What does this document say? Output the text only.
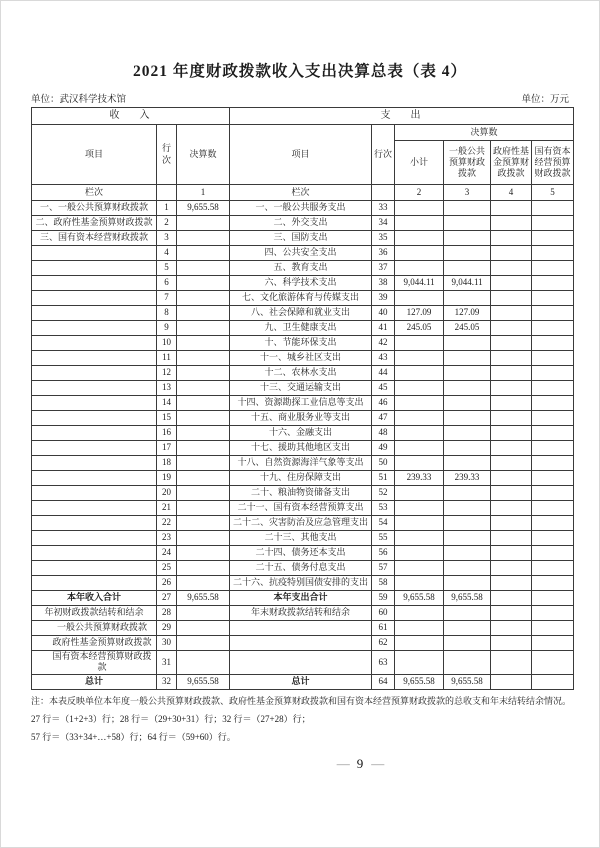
2021 年度财政拨款收入支出决算总表（表 4）
单位：武汉科学技术馆	单位：万元
收    入			支    出					
项目	行次	决算数	项目	行次	决算数			
					小计	一般公共预算财政拨款	政府性基金预算财政拨款	国有资本经营预算财政拨款
栏次		1	栏次		2	3	4	5
一、一般公共预算财政拨款	1	9,655.58	一、一般公共服务支出	33				
二、政府性基金预算财政拨款	2		二、外交支出	34				
三、国有资本经营财政拨款	3		三、国防支出	35				
	4		四、公共安全支出	36				
	5		五、教育支出	37				
	6		六、科学技术支出	38	9,044.11	9,044.11		
	7		七、文化旅游体育与传媒支出	39				
	8		八、社会保障和就业支出	40	127.09	127.09		
	9		九、卫生健康支出	41	245.05	245.05		
	10		十、节能环保支出	42				
	11		十一、城乡社区支出	43				
	12		十二、农林水支出	44				
	13		十三、交通运输支出	45				
	14		十四、资源勘探工业信息等支出	46				
	15		十五、商业服务业等支出	47				
	16		十六、金融支出	48				
	17		十七、援助其他地区支出	49				
	18		十八、自然资源海洋气象等支出	50				
	19		十九、住房保障支出	51	239.33	239.33		
	20		二十、粮油物资储备支出	52				
	21		二十一、国有资本经营预算支出	53				
	22		二十二、灾害防治及应急管理支出	54				
	23		二十三、其他支出	55				
	24		二十四、债务还本支出	56				
	25		二十五、债务付息支出	57				
	26		二十六、抗疫特别国债安排的支出	58				
本年收入合计	27	9,655.58	本年支出合计	59	9,655.58	9,655.58		
年初财政拨款结转和结余	28		年末财政拨款结转和结余	60				
一般公共预算财政拨款	29			61				
政府性基金预算财政拨款	30			62				
国有资本经营预算财政拨款	31			63				
总计	32	9,655.58	总计	64	9,655.58	9,655.58		
注：本表反映单位本年度一般公共预算财政拨款、政府性基金预算财政拨款和国有资本经营预算财政拨款的总收支和年末结转结余情况。
27 行＝（1+2+3）行；28 行＝（29+30+31）行；32 行＝（27+28）行；
57 行＝（33+34+…+58）行；64 行＝（59+60）行。
— 9 —
